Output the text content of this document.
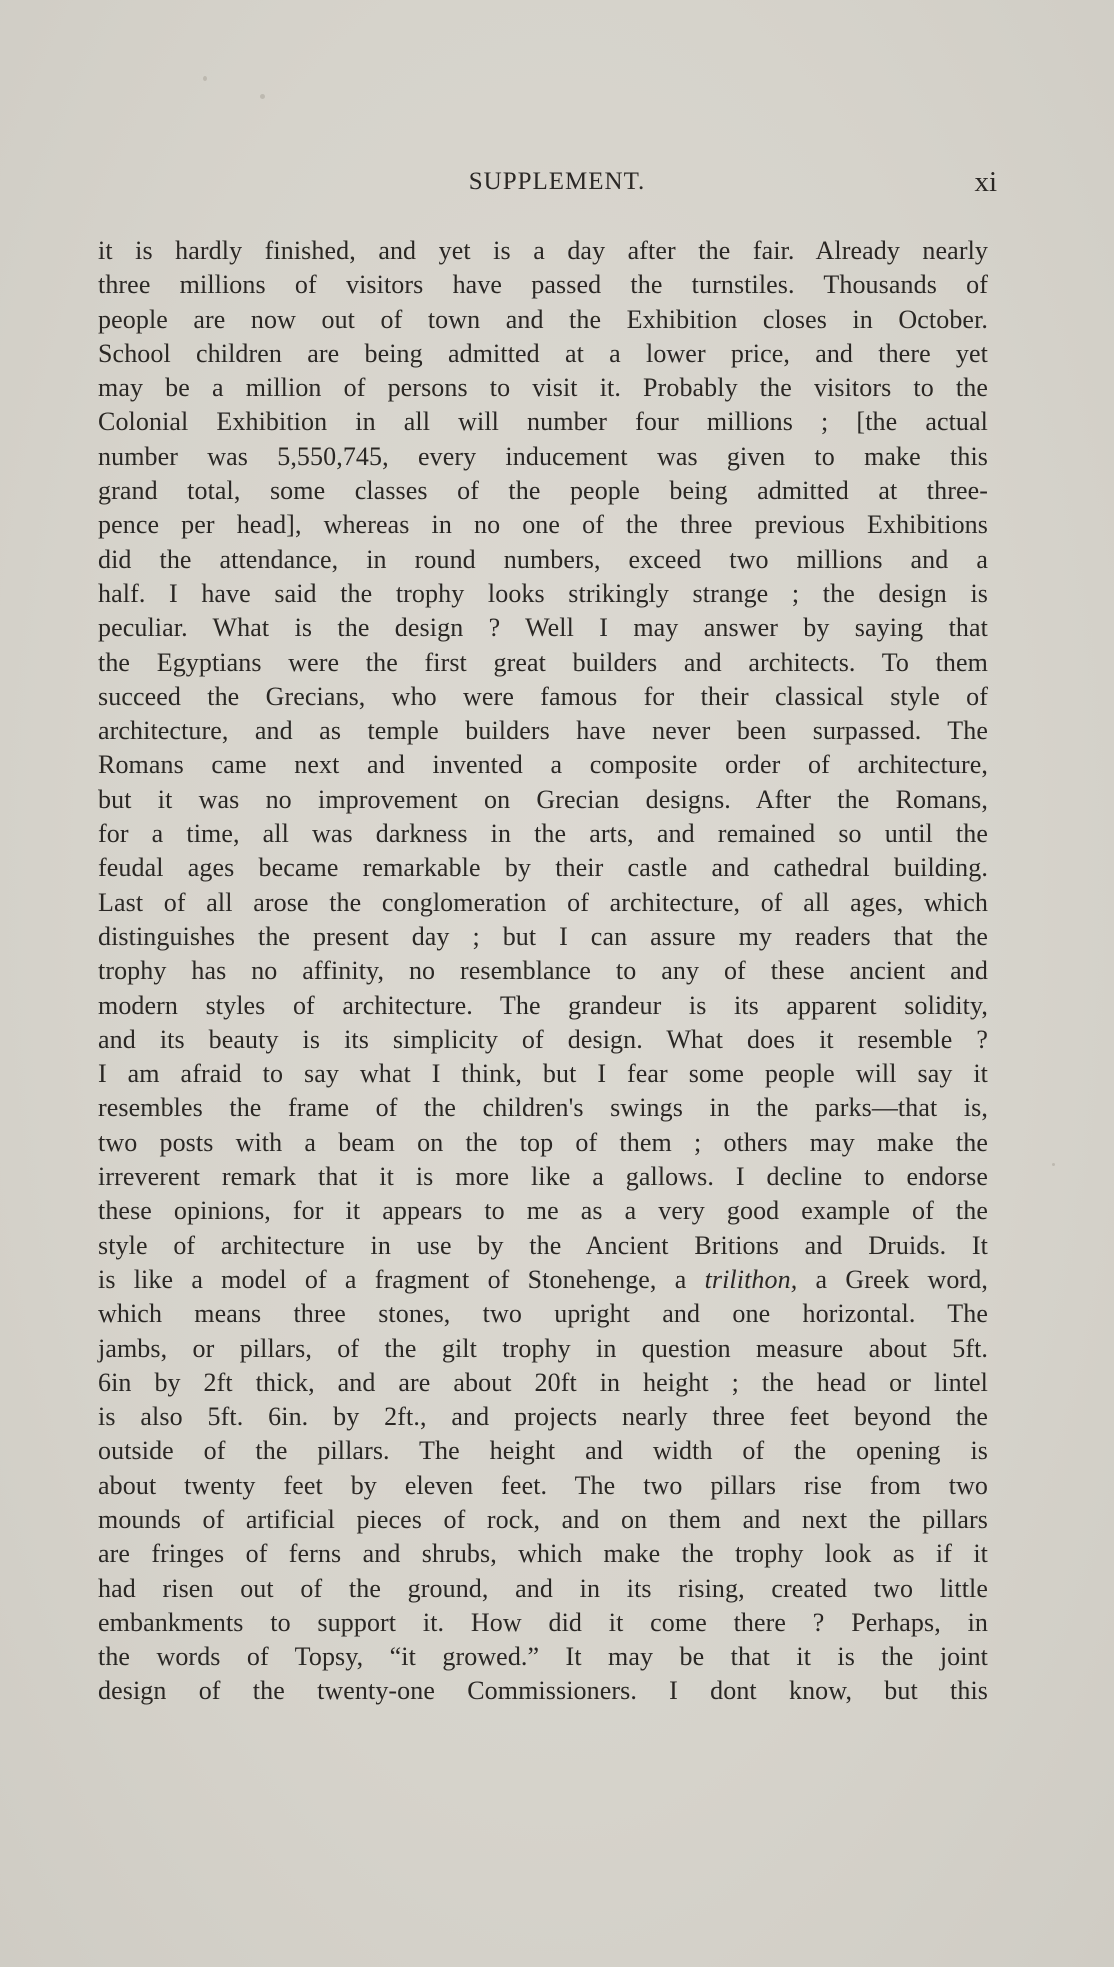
SUPPLEMENT.	xi
it is hardly finished, and yet is a day after the fair. Already nearly
three millions of visitors have passed the turnstiles. Thousands of
people are now out of town and the Exhibition closes in October.
School children are being admitted at a lower price, and there yet
may be a million of persons to visit it. Probably the visitors to the
Colonial Exhibition in all will number four millions ; [the actual
number was 5,550,745, every inducement was given to make this
grand total, some classes of the people being admitted at three-
pence per head], whereas in no one of the three previous Exhibitions
did the attendance, in round numbers, exceed two millions and a
half. I have said the trophy looks strikingly strange ; the design is
peculiar. What is the design ? Well I may answer by saying that
the Egyptians were the first great builders and architects. To them
succeed the Grecians, who were famous for their classical style of
architecture, and as temple builders have never been surpassed. The
Romans came next and invented a composite order of architecture,
but it was no improvement on Grecian designs. After the Romans,
for a time, all was darkness in the arts, and remained so until the
feudal ages became remarkable by their castle and cathedral building.
Last of all arose the conglomeration of architecture, of all ages, which
distinguishes the present day ; but I can assure my readers that the
trophy has no affinity, no resemblance to any of these ancient and
modern styles of architecture. The grandeur is its apparent solidity,
and its beauty is its simplicity of design. What does it resemble ?
I am afraid to say what I think, but I fear some people will say it
resembles the frame of the children's swings in the parks—that is,
two posts with a beam on the top of them ; others may make the
irreverent remark that it is more like a gallows. I decline to endorse
these opinions, for it appears to me as a very good example of the
style of architecture in use by the Ancient Britions and Druids. It
is like a model of a fragment of Stonehenge, a trilithon, a Greek word,
which means three stones, two upright and one horizontal. The
jambs, or pillars, of the gilt trophy in question measure about 5ft.
6in by 2ft thick, and are about 20ft in height ; the head or lintel
is also 5ft. 6in. by 2ft., and projects nearly three feet beyond the
outside of the pillars. The height and width of the opening is
about twenty feet by eleven feet. The two pillars rise from two
mounds of artificial pieces of rock, and on them and next the pillars
are fringes of ferns and shrubs, which make the trophy look as if it
had risen out of the ground, and in its rising, created two little
embankments to support it. How did it come there ? Perhaps, in
the words of Topsy, “it growed.” It may be that it is the joint
design of the twenty-one Commissioners. I dont know, but this
